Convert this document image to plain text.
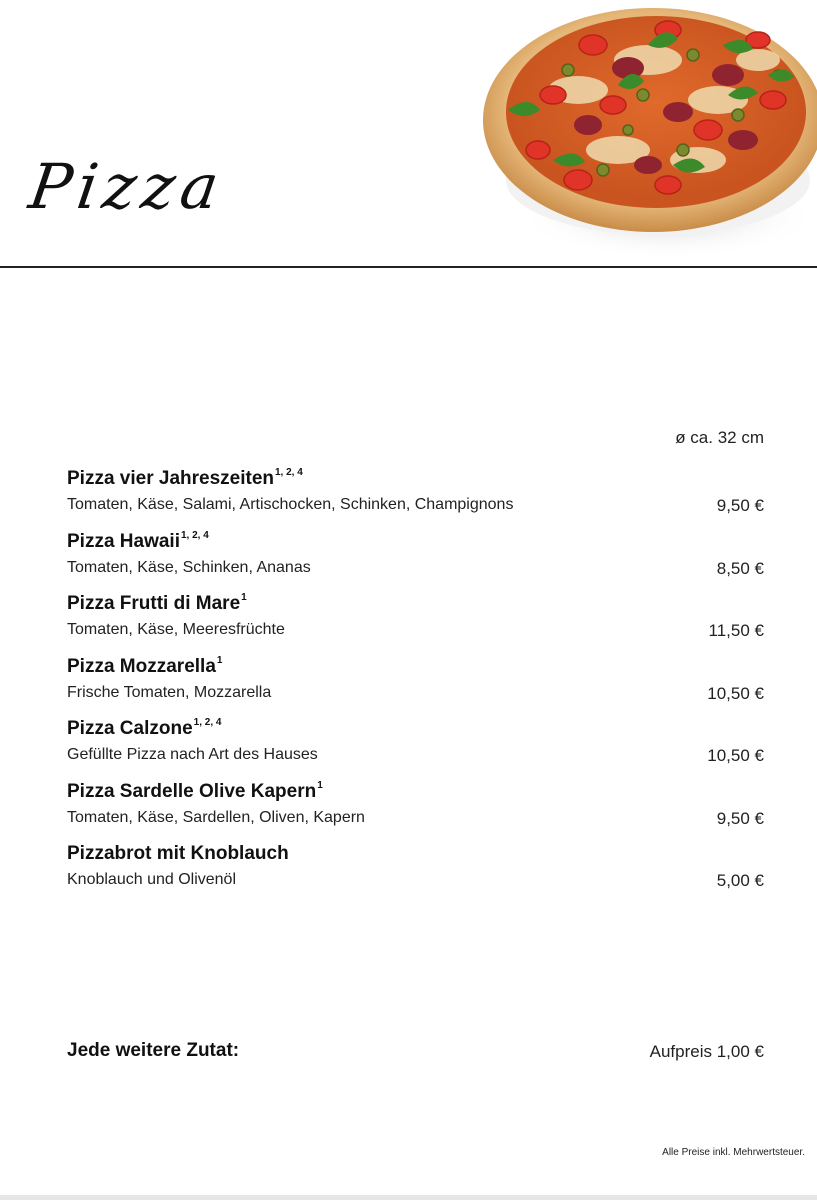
Pizza
ø ca. 32 cm
Pizza vier Jahreszeiten$^{1, 2, 4}$
Tomaten, Käse, Salami, Artischocken, Schinken, Champignons	9,50 €
Pizza Hawaii$^{1, 2, 4}$
Tomaten, Käse, Schinken, Ananas	8,50 €
Pizza Frutti di Mare$^1$
Tomaten, Käse, Meeresfrüchte	11,50 €
Pizza Mozzarella$^1$
Frische Tomaten, Mozzarella	10,50 €
Pizza Calzone$^{1, 2, 4}$
Gefüllte Pizza nach Art des Hauses	10,50 €
Pizza Sardelle Olive Kapern$^1$
Tomaten, Käse, Sardellen, Oliven, Kapern	9,50 €
Pizzabrot mit Knoblauch
Knoblauch und Olivenöl	5,00 €
Jede weitere Zutat:	Aufpreis 1,00 €
Alle Preise inkl. Mehrwertsteuer.
